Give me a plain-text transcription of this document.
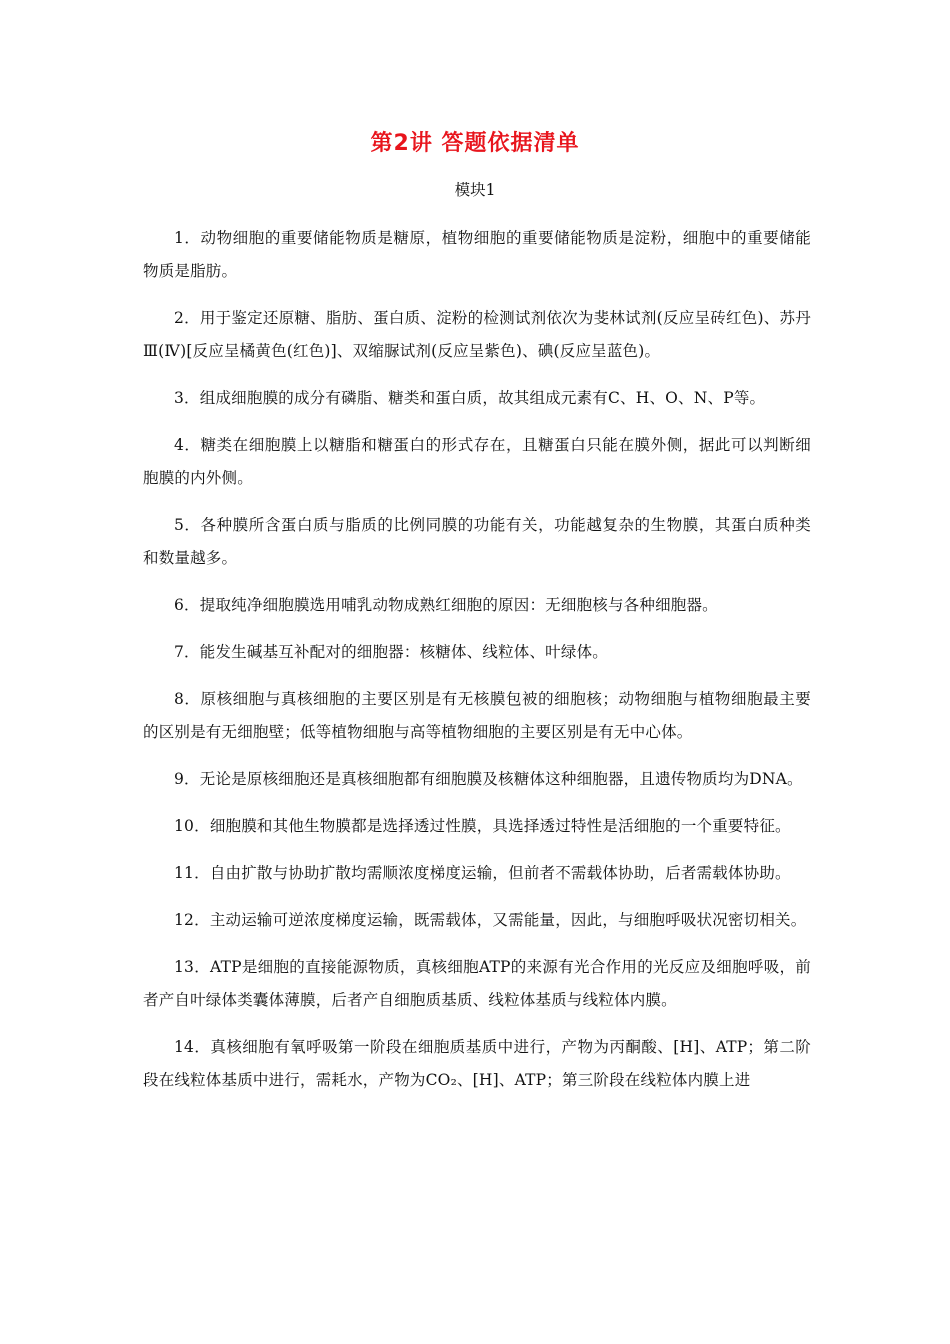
第2讲 答题依据清单
模块1

1．动物细胞的重要储能物质是糖原，植物细胞的重要储能物质是淀粉，细胞中的重要储能物质是脂肪。

2．用于鉴定还原糖、脂肪、蛋白质、淀粉的检测试剂依次为斐林试剂(反应呈砖红色)、苏丹Ⅲ(Ⅳ)[反应呈橘黄色(红色)]、双缩脲试剂(反应呈紫色)、碘(反应呈蓝色)。

3．组成细胞膜的成分有磷脂、糖类和蛋白质，故其组成元素有C、H、O、N、P等。

4．糖类在细胞膜上以糖脂和糖蛋白的形式存在，且糖蛋白只能在膜外侧，据此可以判断细胞膜的内外侧。

5．各种膜所含蛋白质与脂质的比例同膜的功能有关，功能越复杂的生物膜，其蛋白质种类和数量越多。

6．提取纯净细胞膜选用哺乳动物成熟红细胞的原因：无细胞核与各种细胞器。

7．能发生碱基互补配对的细胞器：核糖体、线粒体、叶绿体。

8．原核细胞与真核细胞的主要区别是有无核膜包被的细胞核；动物细胞与植物细胞最主要的区别是有无细胞壁；低等植物细胞与高等植物细胞的主要区别是有无中心体。

9．无论是原核细胞还是真核细胞都有细胞膜及核糖体这种细胞器，且遗传物质均为DNA。

10．细胞膜和其他生物膜都是选择透过性膜，具选择透过特性是活细胞的一个重要特征。

11．自由扩散与协助扩散均需顺浓度梯度运输，但前者不需载体协助，后者需载体协助。

12．主动运输可逆浓度梯度运输，既需载体，又需能量，因此，与细胞呼吸状况密切相关。

13．ATP是细胞的直接能源物质，真核细胞ATP的来源有光合作用的光反应及细胞呼吸，前者产自叶绿体类囊体薄膜，后者产自细胞质基质、线粒体基质与线粒体内膜。

14．真核细胞有氧呼吸第一阶段在细胞质基质中进行，产物为丙酮酸、[H]、ATP；第二阶段在线粒体基质中进行，需耗水，产物为CO₂、[H]、ATP；第三阶段在线粒体内膜上进
